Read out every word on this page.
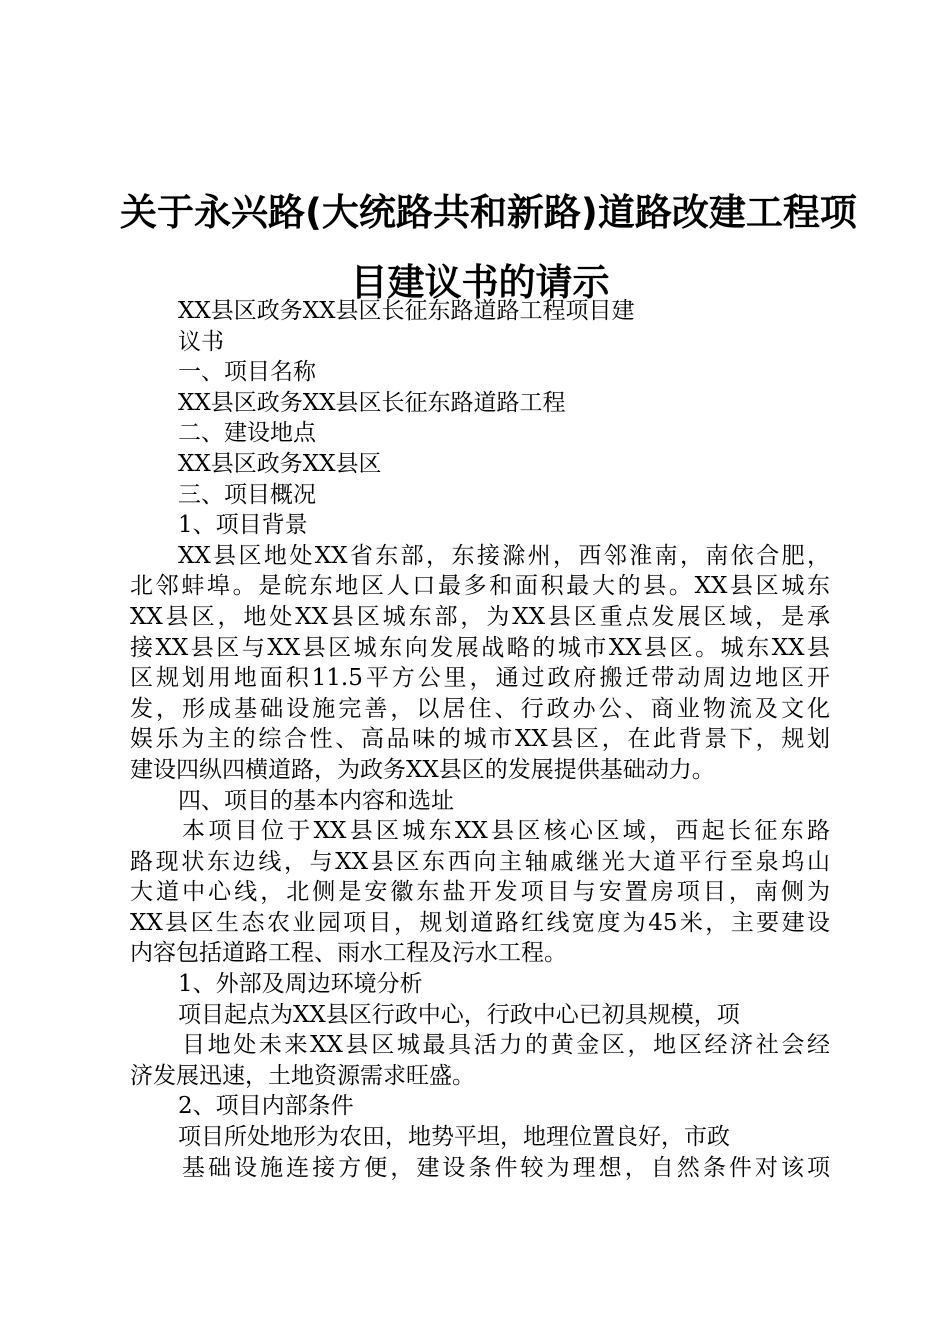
关于永兴路(大统路共和新路)道路改建工程项
目建议书的请示
XX县区政务XX县区长征东路道路工程项目建
议书
一、项目名称
XX县区政务XX县区长征东路道路工程
二、建设地点
XX县区政务XX县区
三、项目概况
1、项目背景
XX县区地处XX省东部，东接滁州，西邻淮南，南依合肥，
北邻蚌埠。是皖东地区人口最多和面积最大的县。XX县区城东
XX县区，地处XX县区城东部，为XX县区重点发展区域，是承
接XX县区与XX县区城东向发展战略的城市XX县区。城东XX县
区规划用地面积11.5平方公里，通过政府搬迁带动周边地区开
发，形成基础设施完善，以居住、行政办公、商业物流及文化
娱乐为主的综合性、高品味的城市XX县区，在此背景下，规划
建设四纵四横道路，为政务XX县区的发展提供基础动力。
四、项目的基本内容和选址
本项目位于XX县区城东XX县区核心区域，西起长征东路
路现状东边线，与XX县区东西向主轴戚继光大道平行至泉坞山
大道中心线，北侧是安徽东盐开发项目与安置房项目，南侧为
XX县区生态农业园项目，规划道路红线宽度为45米，主要建设
内容包括道路工程、雨水工程及污水工程。
1、外部及周边环境分析
项目起点为XX县区行政中心，行政中心已初具规模，项
目地处未来XX县区城最具活力的黄金区，地区经济社会经
济发展迅速，土地资源需求旺盛。
2、项目内部条件
项目所处地形为农田，地势平坦，地理位置良好，市政
基础设施连接方便，建设条件较为理想，自然条件对该项
